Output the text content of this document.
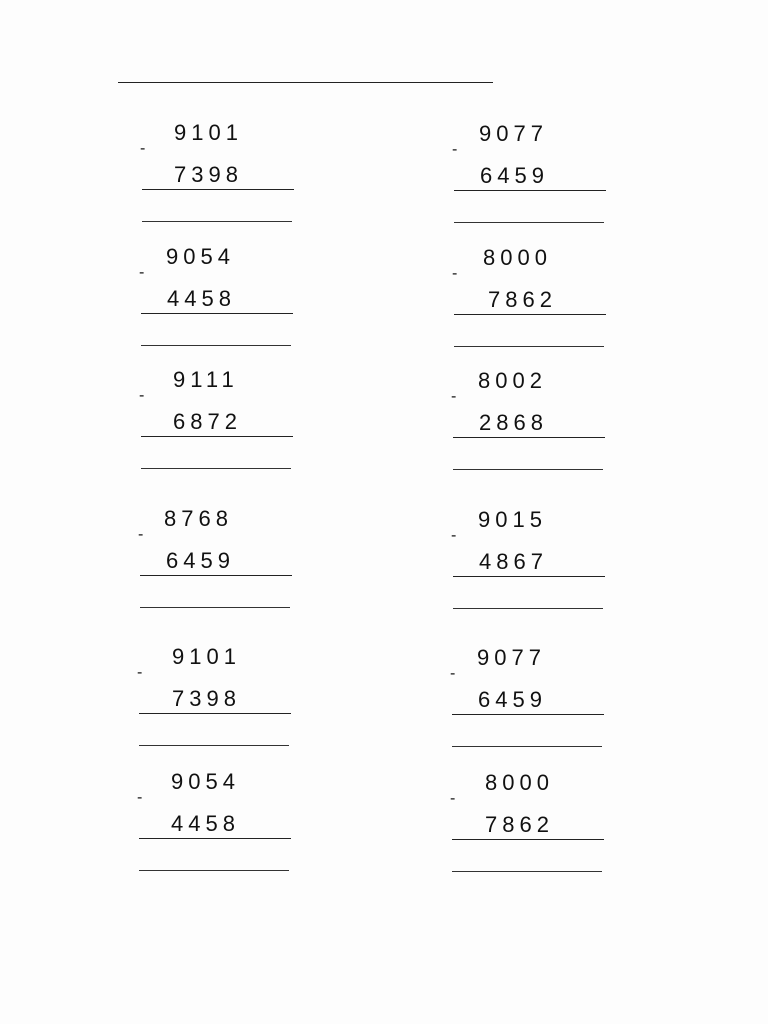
9101
-
7398
9077
-
6459
9054
-
4458
8000
-
7862
9111
-
6872
8002
-
2868
8768
-
6459
9015
-
4867
9101
-
7398
9077
-
6459
9054
-
4458
8000
-
7862
